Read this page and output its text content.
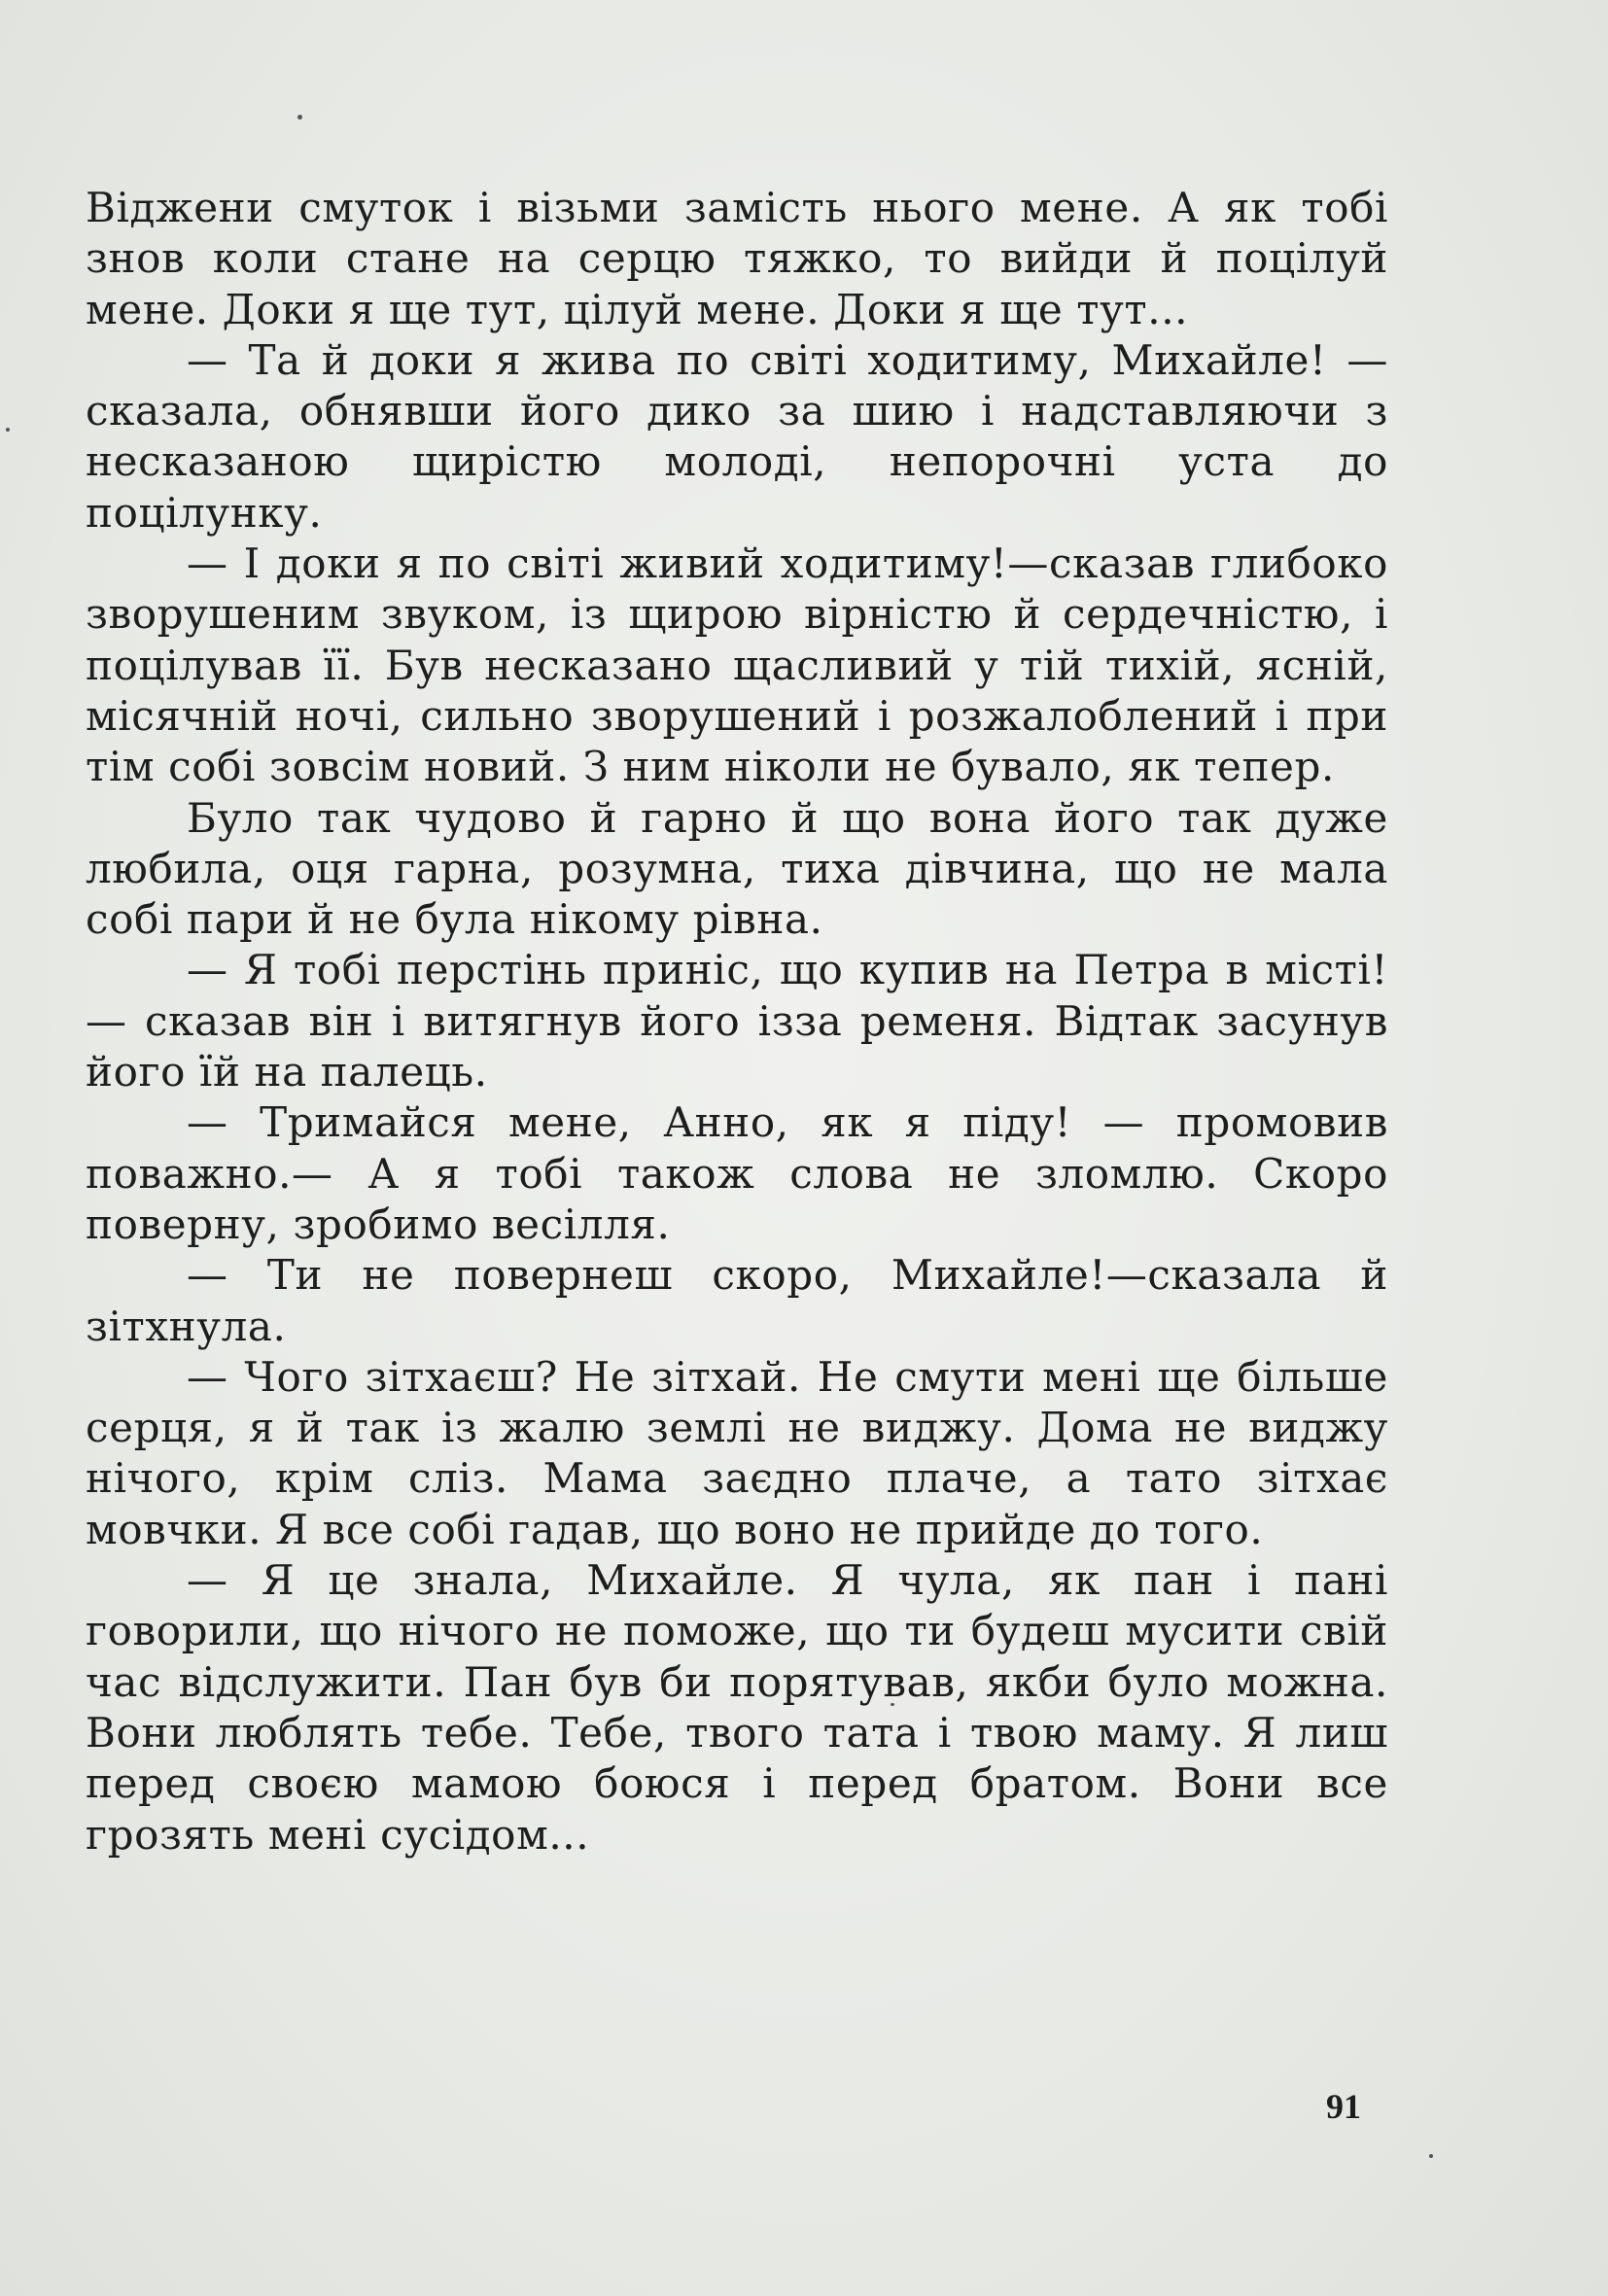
Віджени смуток і візьми замість нього мене. А як тобі знов коли стане на серцю тяжко, то вийди й поцілуй мене. Доки я ще тут, цілуй мене. Доки я ще тут...

— Та й доки я жива по світі ходитиму, Михайле! — сказала, обнявши його дико за шию і надставляючи з несказаною щирістю молоді, непорочні уста до поцілунку.

— І доки я по світі живий ходитиму!—сказав глибоко зворушеним звуком, із щирою вірністю й сердечністю, і поцілував її. Був несказано щасливий у тій тихій, ясній, місячній ночі, сильно зворушений і розжалоблений і при тім собі зовсім новий. З ним ніколи не бувало, як тепер.

Було так чудово й гарно й що вона його так дуже любила, оця гарна, розумна, тиха дівчина, що не мала собі пари й не була нікому рівна.

— Я тобі перстінь приніс, що купив на Петра в місті! — сказав він і витягнув його ізза ременя. Відтак засунув його їй на палець.

— Тримайся мене, Анно, як я піду! — промовив поважно.— А я тобі також слова не зломлю. Скоро поверну, зробимо весілля.

— Ти не повернеш скоро, Михайле!—сказала й зітхнула.

— Чого зітхаєш? Не зітхай. Не смути мені ще більше серця, я й так із жалю землі не виджу. Дома не виджу нічого, крім сліз. Мама заєдно плаче, а тато зітхає мовчки. Я все собі гадав, що воно не прийде до того.

— Я це знала, Михайле. Я чула, як пан і пані говорили, що нічого не поможе, що ти будеш мусити свій час відслужити. Пан був би порятував, якби було можна. Вони люблять тебе. Тебе, твого тата і твою маму. Я лиш перед своєю мамою боюся і перед братом. Вони все грозять мені сусідом...

91
